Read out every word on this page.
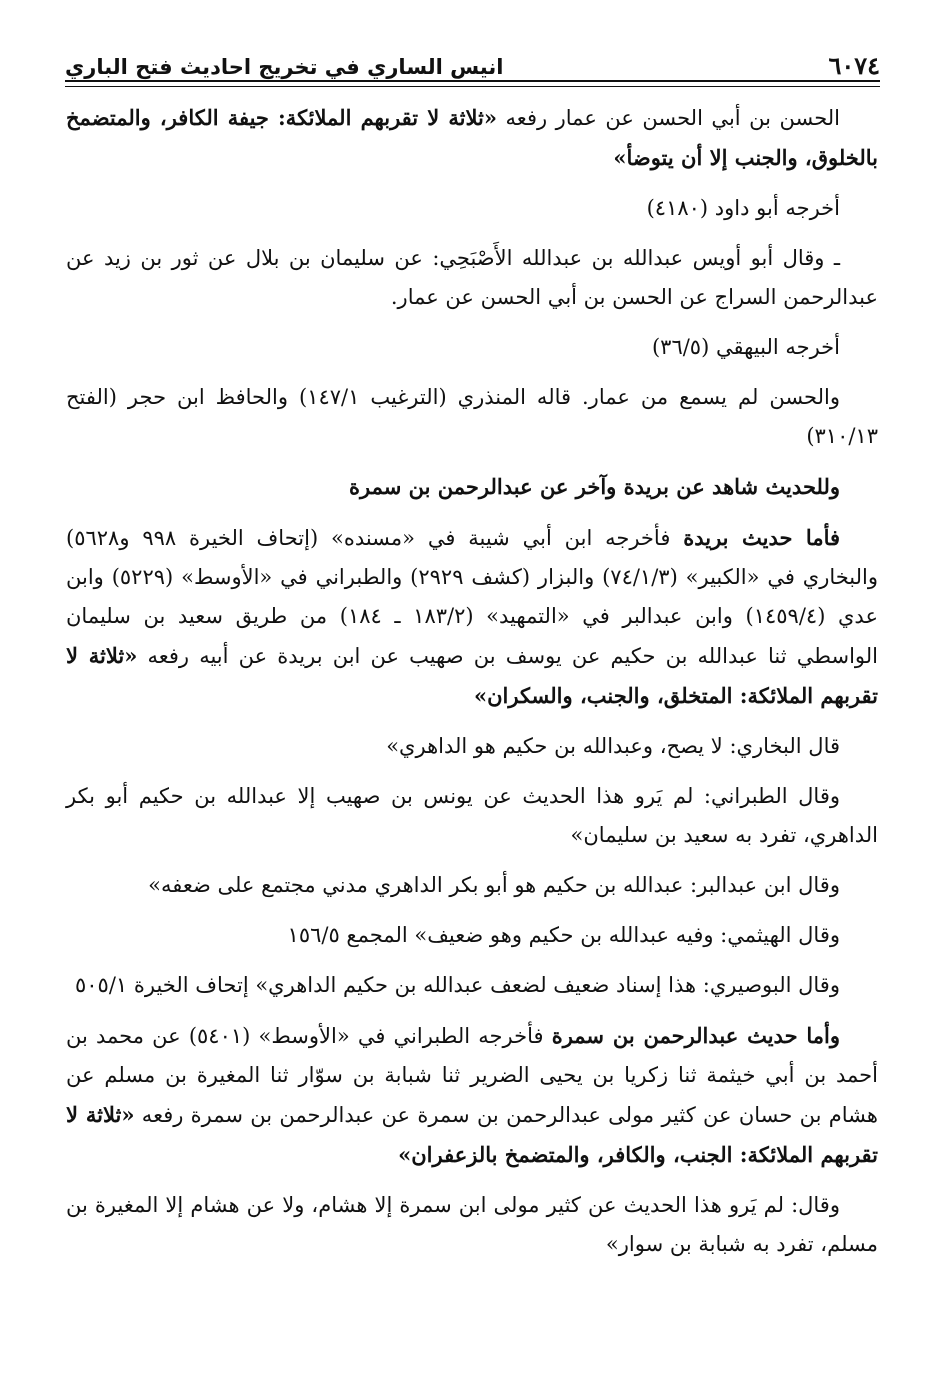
٦٠٧٤
انيس الساري في تخريج احاديث فتح الباري

الحسن بن أبي الحسن عن عمار رفعه «ثلاثة لا تقربهم الملائكة: جيفة الكافر، والمتضمخ بالخلوق، والجنب إلا أن يتوضأ»

أخرجه أبو داود (٤١٨٠)

ـ وقال أبو أويس عبدالله بن عبدالله الأَصْبَحِي: عن سليمان بن بلال عن ثور بن زيد عن عبدالرحمن السراج عن الحسن بن أبي الحسن عن عمار.

أخرجه البيهقي (٣٦/٥)

والحسن لم يسمع من عمار. قاله المنذري (الترغيب ١٤٧/١) والحافظ ابن حجر (الفتح ٣١٠/١٣)

وللحديث شاهد عن بريدة وآخر عن عبدالرحمن بن سمرة

فأما حديث بريدة فأخرجه ابن أبي شيبة في «مسنده» (إتحاف الخيرة ٩٩٨ و٥٦٢٨) والبخاري في «الكبير» (٧٤/١/٣) والبزار (كشف ٢٩٢٩) والطبراني في «الأوسط» (٥٢٢٩) وابن عدي (١٤٥٩/٤) وابن عبدالبر في «التمهيد» (١٨٣/٢ ـ ١٨٤) من طريق سعيد بن سليمان الواسطي ثنا عبدالله بن حكيم عن يوسف بن صهيب عن ابن بريدة عن أبيه رفعه «ثلاثة لا تقربهم الملائكة: المتخلق، والجنب، والسكران»

قال البخاري: لا يصح، وعبدالله بن حكيم هو الداهري»

وقال الطبراني: لم يَرو هذا الحديث عن يونس بن صهيب إلا عبدالله بن حكيم أبو بكر الداهري، تفرد به سعيد بن سليمان»

وقال ابن عبدالبر: عبدالله بن حكيم هو أبو بكر الداهري مدني مجتمع على ضعفه»

وقال الهيثمي: وفيه عبدالله بن حكيم وهو ضعيف» المجمع ١٥٦/٥

وقال البوصيري: هذا إسناد ضعيف لضعف عبدالله بن حكيم الداهري» إتحاف الخيرة ٥٠٥/١

وأما حديث عبدالرحمن بن سمرة فأخرجه الطبراني في «الأوسط» (٥٤٠١) عن محمد بن أحمد بن أبي خيثمة ثنا زكريا بن يحيى الضرير ثنا شبابة بن سوّار ثنا المغيرة بن مسلم عن هشام بن حسان عن كثير مولى عبدالرحمن بن سمرة عن عبدالرحمن بن سمرة رفعه «ثلاثة لا تقربهم الملائكة: الجنب، والكافر، والمتضمخ بالزعفران»

وقال: لم يَرو هذا الحديث عن كثير مولى ابن سمرة إلا هشام، ولا عن هشام إلا المغيرة بن مسلم، تفرد به شبابة بن سوار»
